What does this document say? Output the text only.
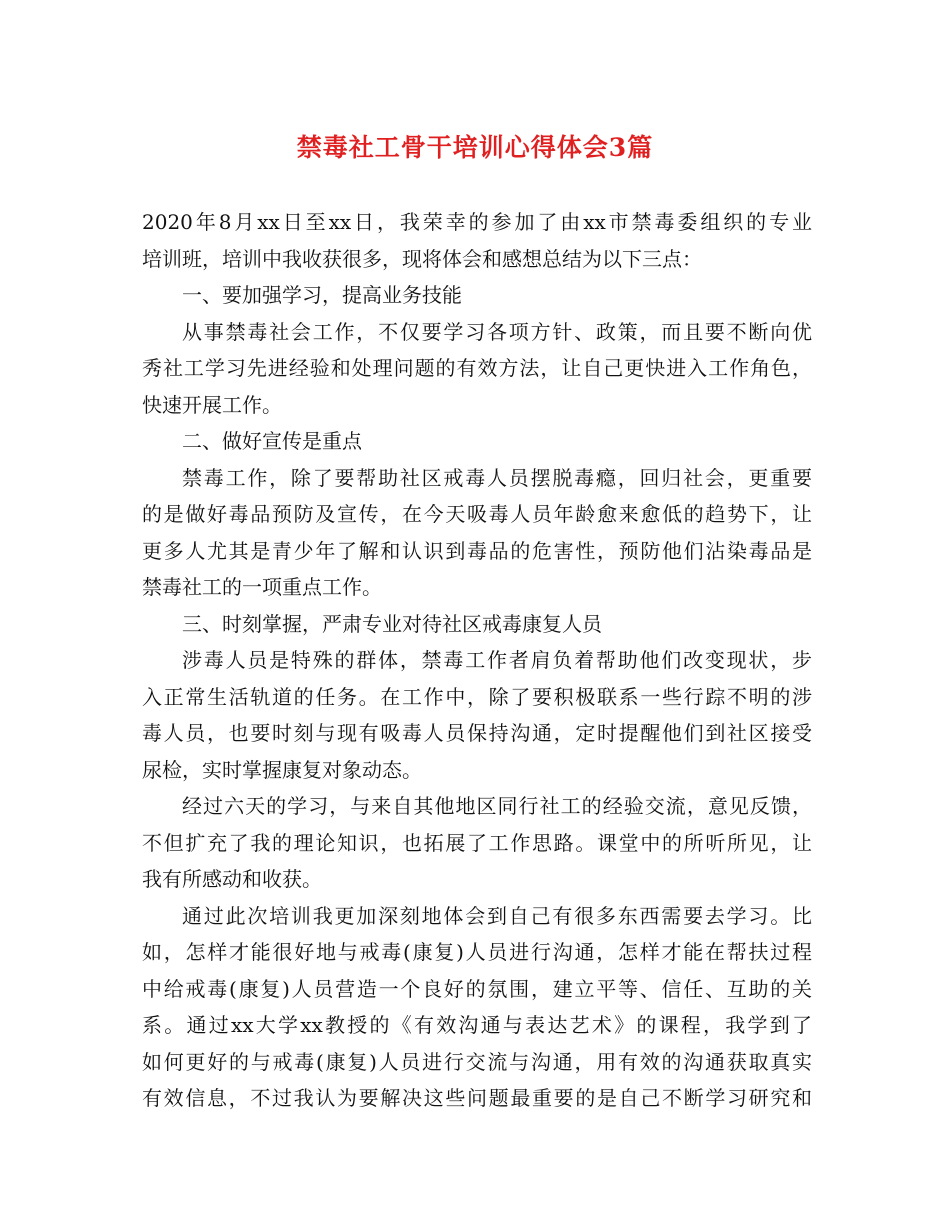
禁毒社工骨干培训心得体会3篇
2020年8月xx日至xx日，我荣幸的参加了由xx市禁毒委组织的专业
培训班，培训中我收获很多，现将体会和感想总结为以下三点：
一、要加强学习，提高业务技能
从事禁毒社会工作，不仅要学习各项方针、政策，而且要不断向优
秀社工学习先进经验和处理问题的有效方法，让自己更快进入工作角色，
快速开展工作。
二、做好宣传是重点
禁毒工作，除了要帮助社区戒毒人员摆脱毒瘾，回归社会，更重要
的是做好毒品预防及宣传，在今天吸毒人员年龄愈来愈低的趋势下，让
更多人尤其是青少年了解和认识到毒品的危害性，预防他们沾染毒品是
禁毒社工的一项重点工作。
三、时刻掌握，严肃专业对待社区戒毒康复人员
涉毒人员是特殊的群体，禁毒工作者肩负着帮助他们改变现状，步
入正常生活轨道的任务。在工作中，除了要积极联系一些行踪不明的涉
毒人员，也要时刻与现有吸毒人员保持沟通，定时提醒他们到社区接受
尿检，实时掌握康复对象动态。
经过六天的学习，与来自其他地区同行社工的经验交流，意见反馈，
不但扩充了我的理论知识，也拓展了工作思路。课堂中的所听所见，让
我有所感动和收获。
通过此次培训我更加深刻地体会到自己有很多东西需要去学习。比
如，怎样才能很好地与戒毒(康复)人员进行沟通，怎样才能在帮扶过程
中给戒毒(康复)人员营造一个良好的氛围，建立平等、信任、互助的关
系。通过xx大学xx教授的《有效沟通与表达艺术》的课程，我学到了
如何更好的与戒毒(康复)人员进行交流与沟通，用有效的沟通获取真实
有效信息，不过我认为要解决这些问题最重要的是自己不断学习研究和
